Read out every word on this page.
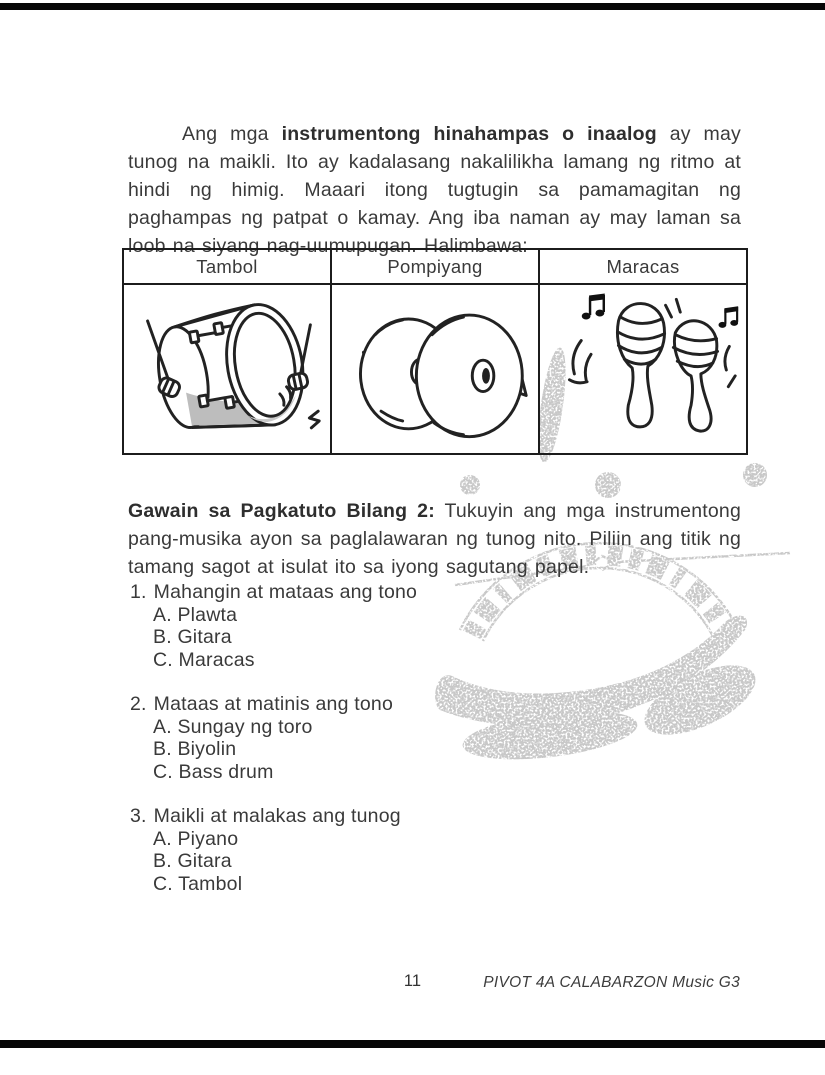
Ang mga instrumentong hinahampas o inaalog ay may tunog na maikli. Ito ay kadalasang nakalilikha lamang ng ritmo at hindi ng himig. Maaari itong tugtugin sa pamamagitan ng paghampas ng patpat o kamay. Ang iba naman ay may laman sa loob na siyang nag-uumupugan. Halimbawa:

Tambol	Pompiyang	Maracas

Gawain sa Pagkatuto Bilang 2: Tukuyin ang mga instrumentong pang-musika ayon sa paglalawaran ng tunog nito. Piliin ang titik ng tamang sagot at isulat ito sa iyong sagutang papel.

1. Mahangin at mataas ang tono
A. Plawta
B. Gitara
C. Maracas
2. Mataas at matinis ang tono
A. Sungay ng toro
B. Biyolin
C. Bass drum
3. Maikli at malakas ang tunog
A. Piyano
B. Gitara
C. Tambol
11	PIVOT 4A CALABARZON Music G3
